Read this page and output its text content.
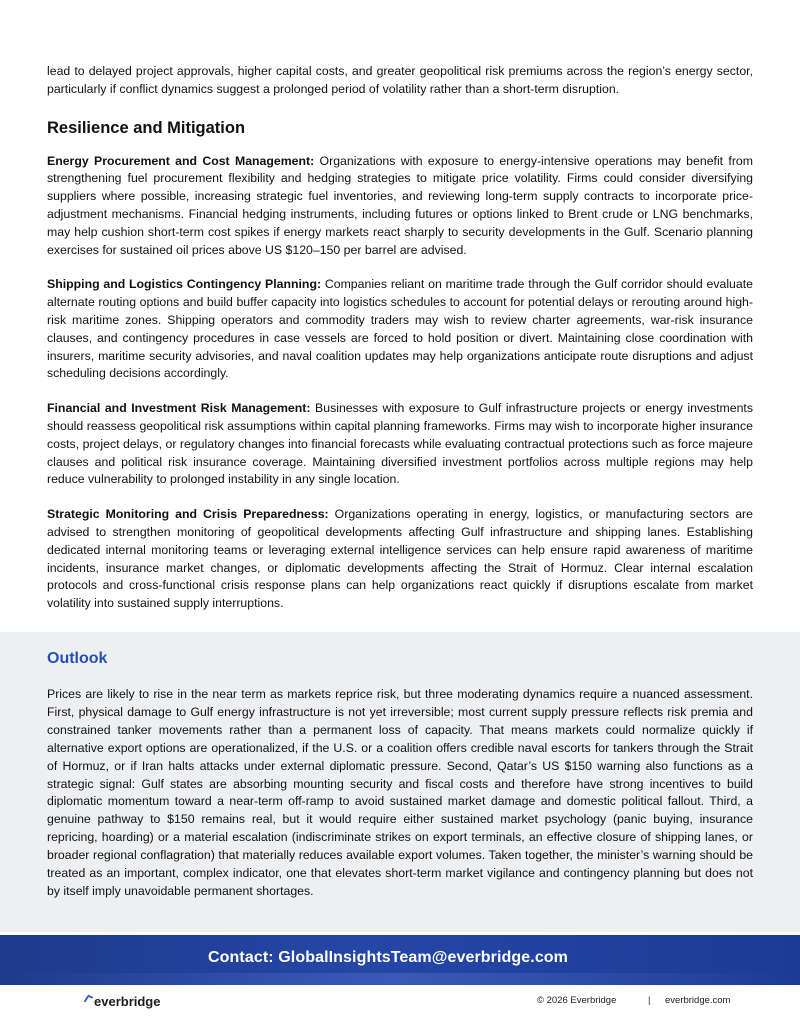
lead to delayed project approvals, higher capital costs, and greater geopolitical risk premiums across the region’s energy sector, particularly if conflict dynamics suggest a prolonged period of volatility rather than a short-term disruption.

Resilience and Mitigation

Energy Procurement and Cost Management: Organizations with exposure to energy-intensive operations may benefit from strengthening fuel procurement flexibility and hedging strategies to mitigate price volatility. Firms could consider diversifying suppliers where possible, increasing strategic fuel inventories, and reviewing long-term supply contracts to incorporate price-adjustment mechanisms. Financial hedging instruments, including futures or options linked to Brent crude or LNG benchmarks, may help cushion short-term cost spikes if energy markets react sharply to security developments in the Gulf. Scenario planning exercises for sustained oil prices above US $120–150 per barrel are advised.

Shipping and Logistics Contingency Planning: Companies reliant on maritime trade through the Gulf corridor should evaluate alternate routing options and build buffer capacity into logistics schedules to account for potential delays or rerouting around high-risk maritime zones. Shipping operators and commodity traders may wish to review charter agreements, war-risk insurance clauses, and contingency procedures in case vessels are forced to hold position or divert. Maintaining close coordination with insurers, maritime security advisories, and naval coalition updates may help organizations anticipate route disruptions and adjust scheduling decisions accordingly.

Financial and Investment Risk Management: Businesses with exposure to Gulf infrastructure projects or energy investments should reassess geopolitical risk assumptions within capital planning frameworks. Firms may wish to incorporate higher insurance costs, project delays, or regulatory changes into financial forecasts while evaluating contractual protections such as force majeure clauses and political risk insurance coverage. Maintaining diversified investment portfolios across multiple regions may help reduce vulnerability to prolonged instability in any single location.

Strategic Monitoring and Crisis Preparedness: Organizations operating in energy, logistics, or manufacturing sectors are advised to strengthen monitoring of geopolitical developments affecting Gulf infrastructure and shipping lanes. Establishing dedicated internal monitoring teams or leveraging external intelligence services can help ensure rapid awareness of maritime incidents, insurance market changes, or diplomatic developments affecting the Strait of Hormuz. Clear internal escalation protocols and cross-functional crisis response plans can help organizations react quickly if disruptions escalate from market volatility into sustained supply interruptions.

Outlook

Prices are likely to rise in the near term as markets reprice risk, but three moderating dynamics require a nuanced assessment. First, physical damage to Gulf energy infrastructure is not yet irreversible; most current supply pressure reflects risk premia and constrained tanker movements rather than a permanent loss of capacity. That means markets could normalize quickly if alternative export options are operationalized, if the U.S. or a coalition offers credible naval escorts for tankers through the Strait of Hormuz, or if Iran halts attacks under external diplomatic pressure. Second, Qatar’s US $150 warning also functions as a strategic signal: Gulf states are absorbing mounting security and fiscal costs and therefore have strong incentives to build diplomatic momentum toward a near-term off-ramp to avoid sustained market damage and domestic political fallout. Third, a genuine pathway to $150 remains real, but it would require either sustained market psychology (panic buying, insurance repricing, hoarding) or a material escalation (indiscriminate strikes on export terminals, an effective closure of shipping lanes, or broader regional conflagration) that materially reduces available export volumes. Taken together, the minister’s warning should be treated as an important, complex indicator, one that elevates short-term market vigilance and contingency planning but does not by itself imply unavoidable permanent shortages.

Contact: GlobalInsightsTeam@everbridge.com
everbridge	© 2026 Everbridge	| everbridge.com
